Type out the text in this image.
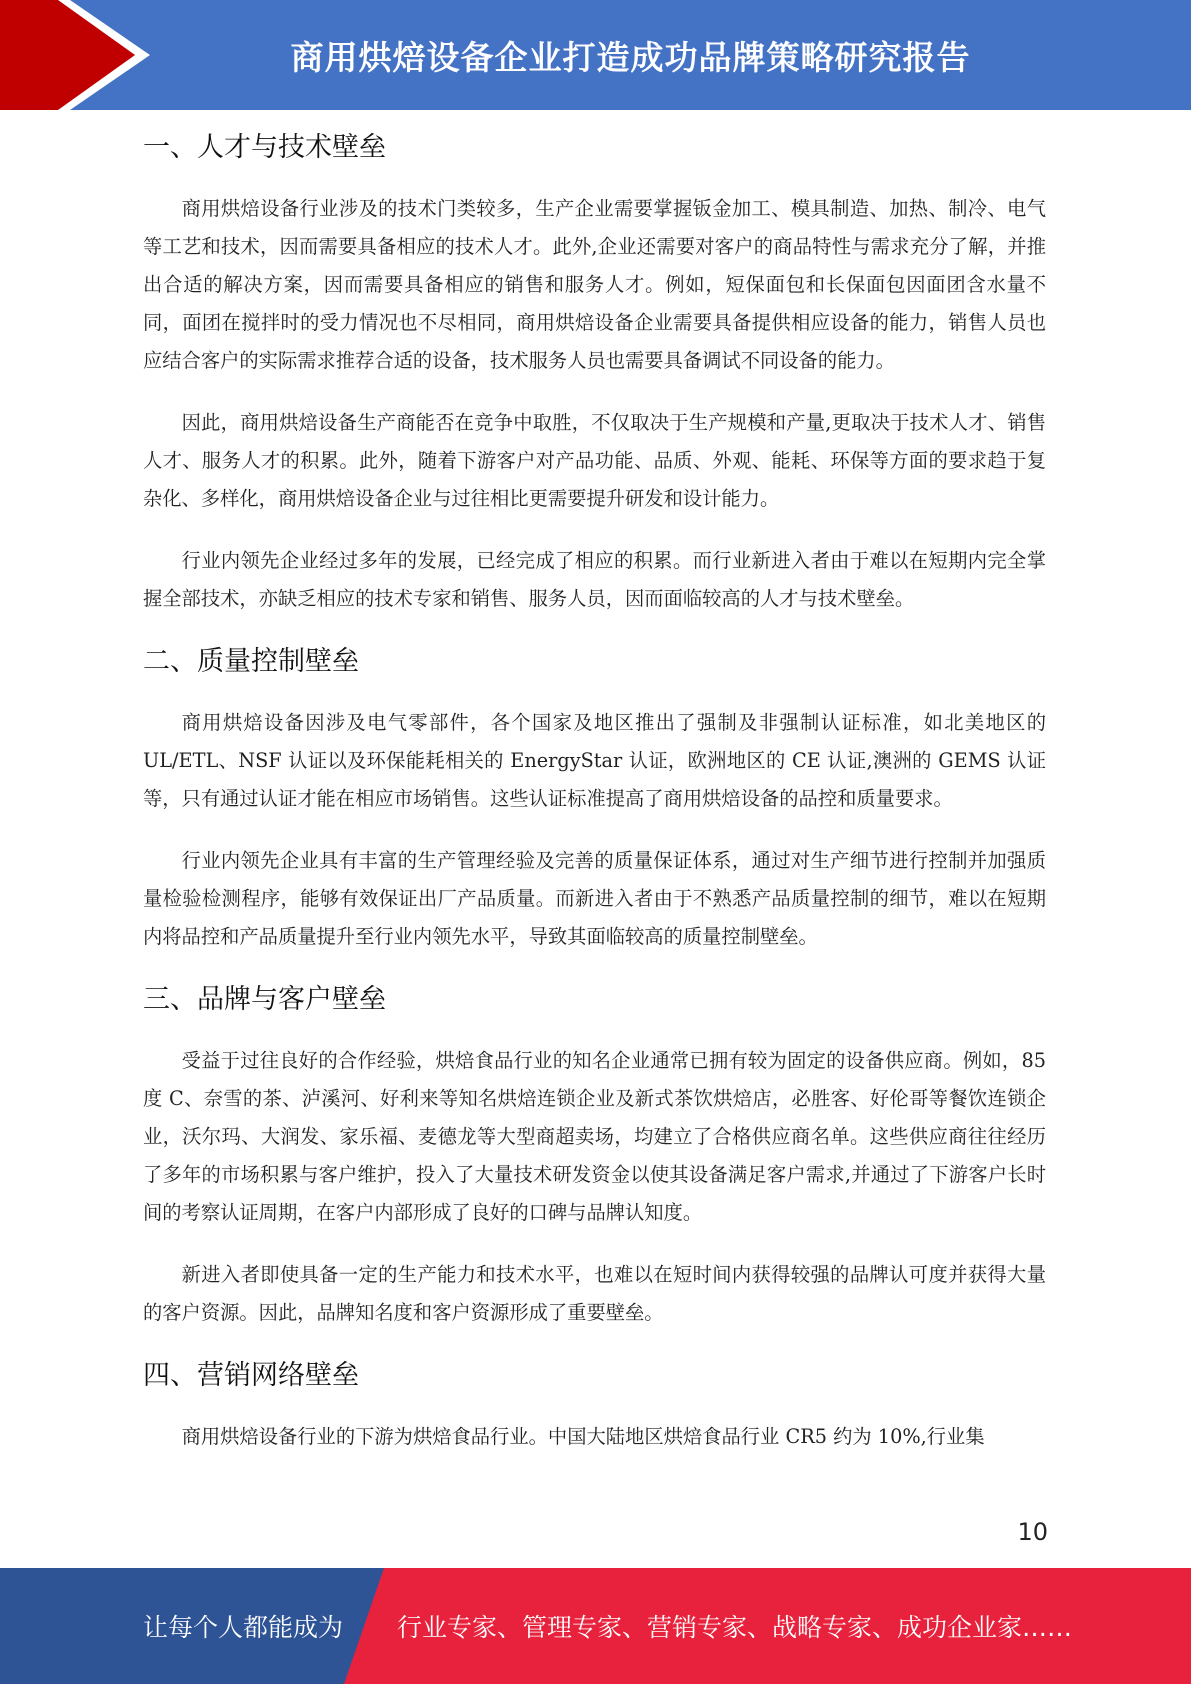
商用烘焙设备企业打造成功品牌策略研究报告
一、人才与技术壁垒

商用烘焙设备行业涉及的技术门类较多，生产企业需要掌握钣金加工、模具制造、加热、制冷、电气等工艺和技术，因而需要具备相应的技术人才。此外,企业还需要对客户的商品特性与需求充分了解，并推出合适的解决方案，因而需要具备相应的销售和服务人才。例如，短保面包和长保面包因面团含水量不同，面团在搅拌时的受力情况也不尽相同，商用烘焙设备企业需要具备提供相应设备的能力，销售人员也应结合客户的实际需求推荐合适的设备，技术服务人员也需要具备调试不同设备的能力。

因此，商用烘焙设备生产商能否在竞争中取胜，不仅取决于生产规模和产量,更取决于技术人才、销售人才、服务人才的积累。此外，随着下游客户对产品功能、品质、外观、能耗、环保等方面的要求趋于复杂化、多样化，商用烘焙设备企业与过往相比更需要提升研发和设计能力。

行业内领先企业经过多年的发展，已经完成了相应的积累。而行业新进入者由于难以在短期内完全掌握全部技术，亦缺乏相应的技术专家和销售、服务人员，因而面临较高的人才与技术壁垒。

二、质量控制壁垒

商用烘焙设备因涉及电气零部件，各个国家及地区推出了强制及非强制认证标准，如北美地区的 UL/ETL、NSF 认证以及环保能耗相关的 EnergyStar 认证，欧洲地区的 CE 认证,澳洲的 GEMS 认证等，只有通过认证才能在相应市场销售。这些认证标准提高了商用烘焙设备的品控和质量要求。

行业内领先企业具有丰富的生产管理经验及完善的质量保证体系，通过对生产细节进行控制并加强质量检验检测程序，能够有效保证出厂产品质量。而新进入者由于不熟悉产品质量控制的细节，难以在短期内将品控和产品质量提升至行业内领先水平，导致其面临较高的质量控制壁垒。

三、品牌与客户壁垒

受益于过往良好的合作经验，烘焙食品行业的知名企业通常已拥有较为固定的设备供应商。例如，85 度 C、奈雪的茶、泸溪河、好利来等知名烘焙连锁企业及新式茶饮烘焙店，必胜客、好伦哥等餐饮连锁企业，沃尔玛、大润发、家乐福、麦德龙等大型商超卖场，均建立了合格供应商名单。这些供应商往往经历了多年的市场积累与客户维护，投入了大量技术研发资金以使其设备满足客户需求,并通过了下游客户长时间的考察认证周期，在客户内部形成了良好的口碑与品牌认知度。

新进入者即使具备一定的生产能力和技术水平，也难以在短时间内获得较强的品牌认可度并获得大量的客户资源。因此，品牌知名度和客户资源形成了重要壁垒。

四、营销网络壁垒

商用烘焙设备行业的下游为烘焙食品行业。中国大陆地区烘焙食品行业 CR5 约为 10%,行业集

10
让每个人都能成为 行业专家、管理专家、营销专家、战略专家、成功企业家……
